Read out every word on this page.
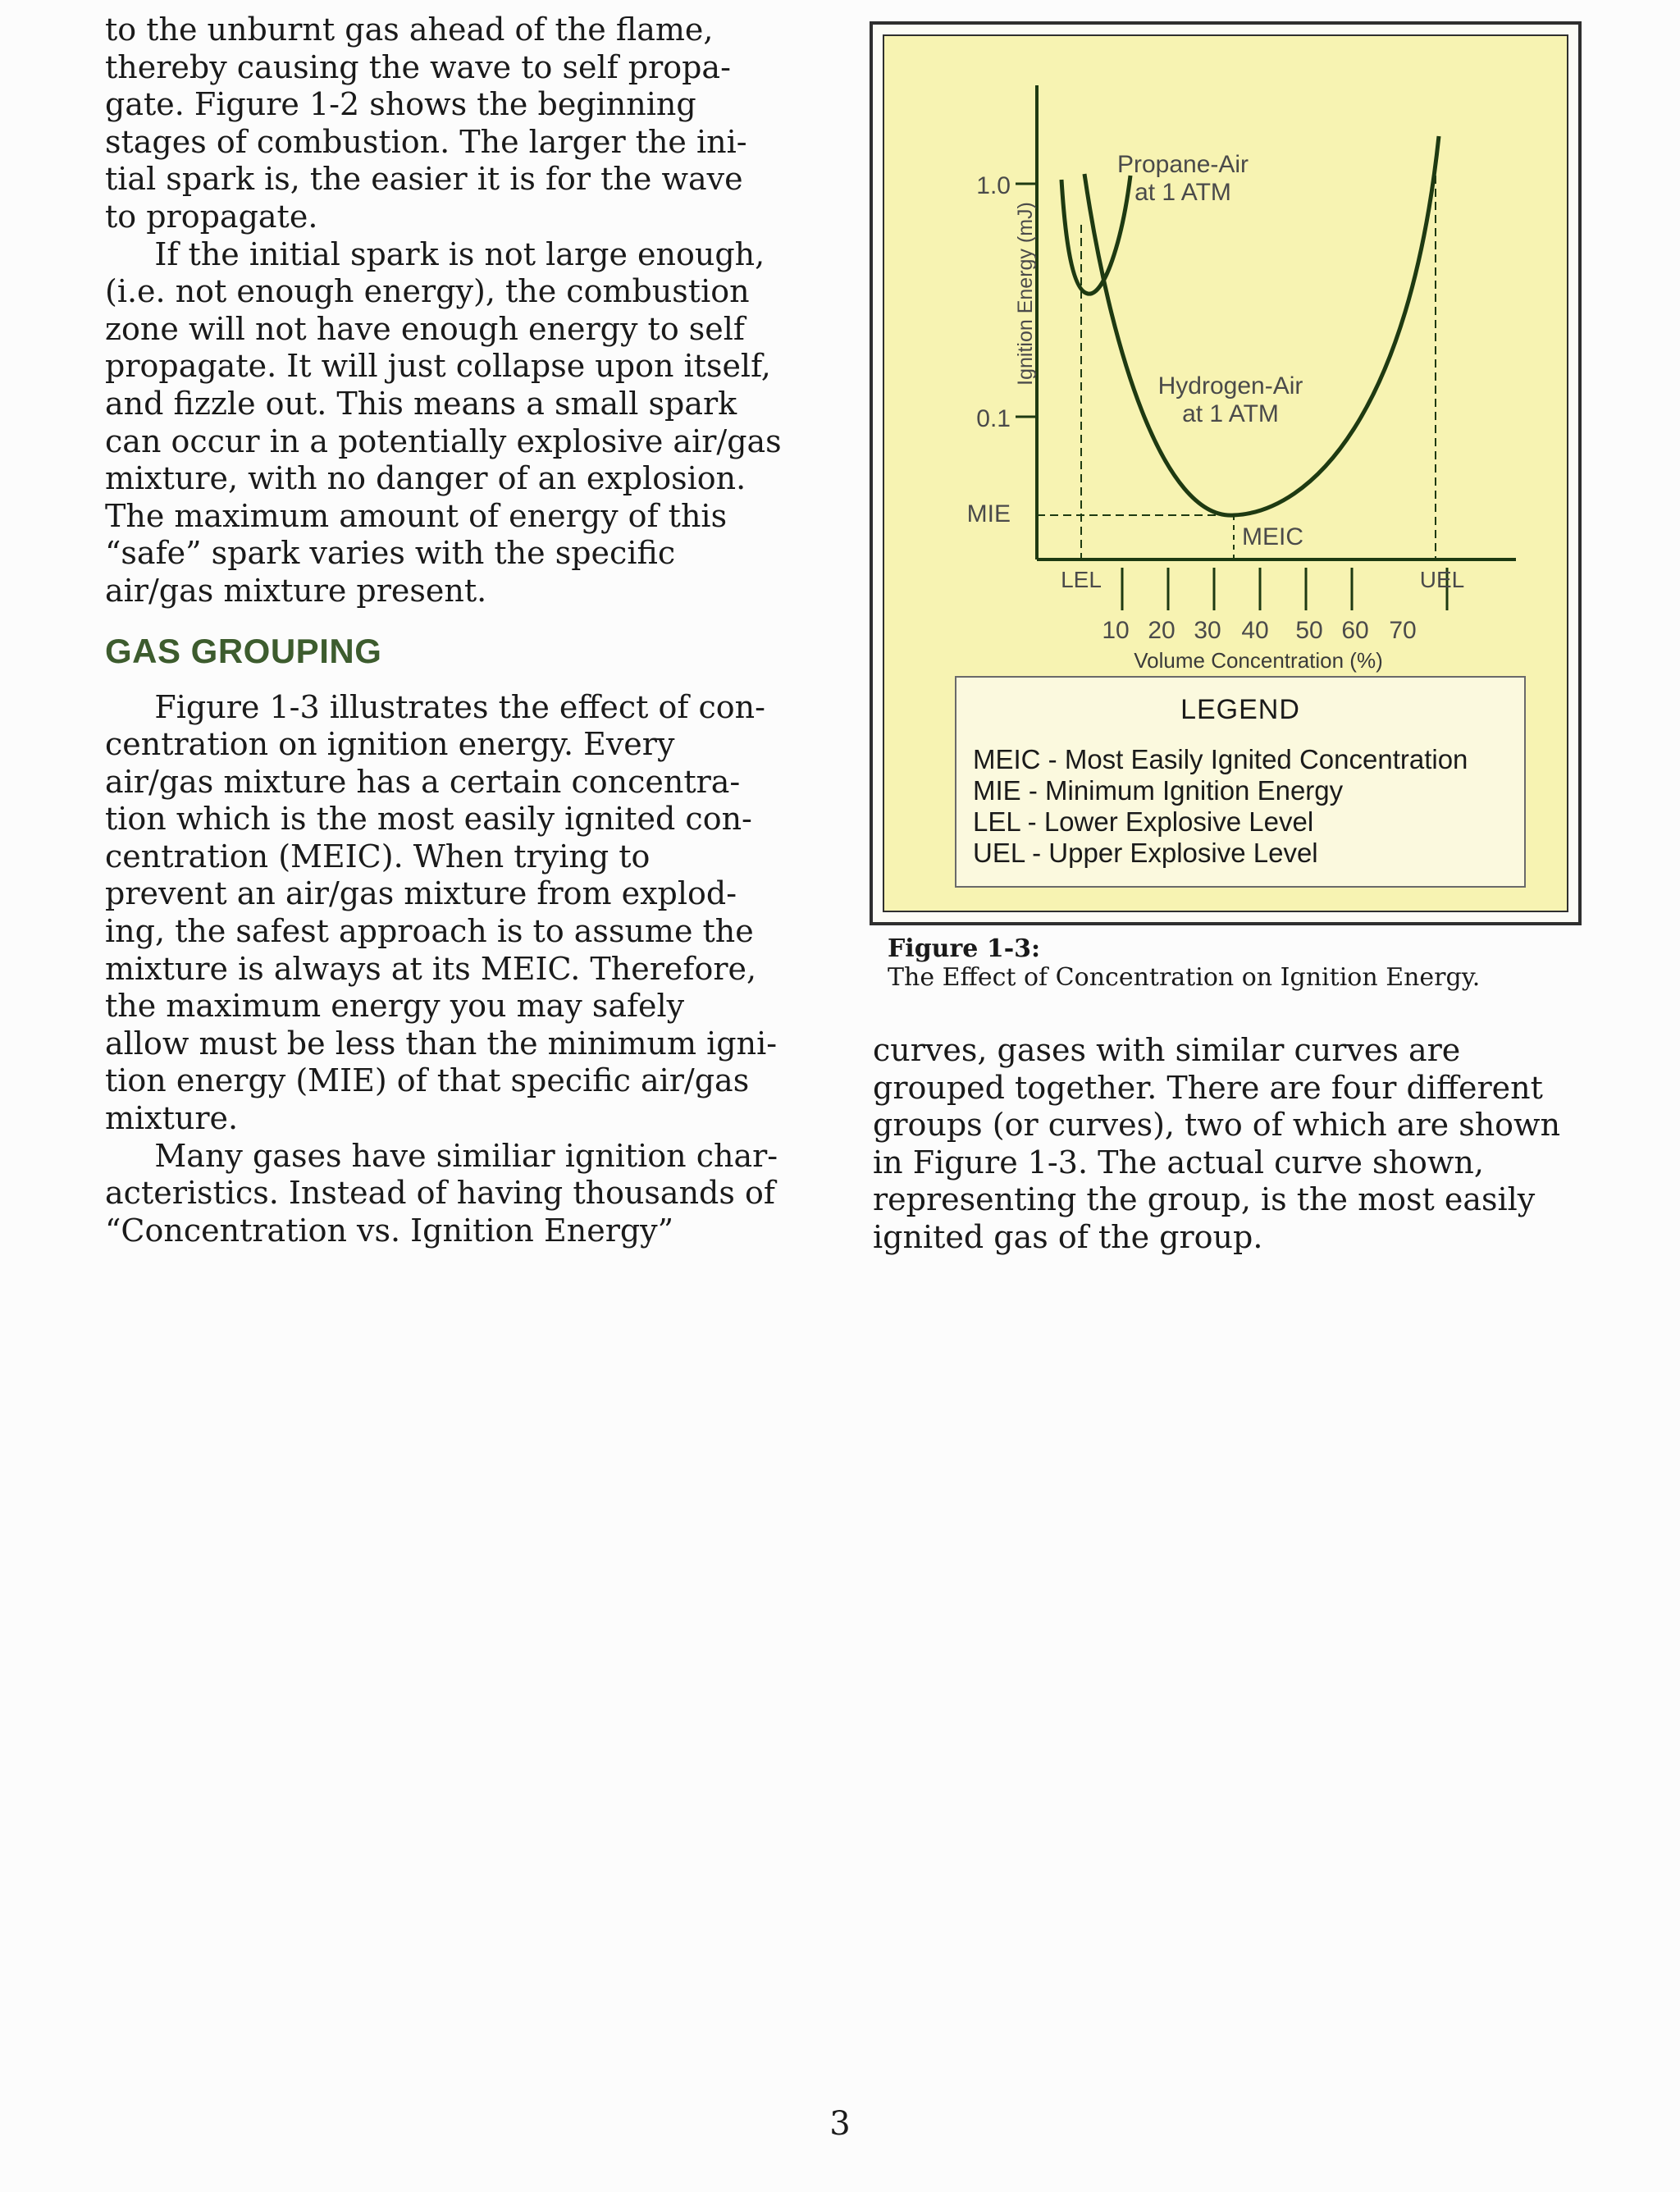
to the unburnt gas ahead of the flame,
thereby causing the wave to self propa-
gate. Figure 1-2 shows the beginning
stages of combustion. The larger the ini-
tial spark is, the easier it is for the wave
to propagate.
If the initial spark is not large enough,
(i.e. not enough energy), the combustion
zone will not have enough energy to self
propagate. It will just collapse upon itself,
and fizzle out. This means a small spark
can occur in a potentially explosive air/gas
mixture, with no danger of an explosion.
The maximum amount of energy of this
“safe” spark varies with the specific
air/gas mixture present.
GAS GROUPING
Figure 1-3 illustrates the effect of con-
centration on ignition energy. Every
air/gas mixture has a certain concentra-
tion which is the most easily ignited con-
centration (MEIC). When trying to
prevent an air/gas mixture from explod-
ing, the safest approach is to assume the
mixture is always at its MEIC. Therefore,
the maximum energy you may safely
allow must be less than the minimum igni-
tion energy (MIE) of that specific air/gas
mixture.
Many gases have similiar ignition char-
acteristics. Instead of having thousands of
“Concentration vs. Ignition Energy”
1.0
0.1
MIE
Ignition Energy (mJ)
10 20 30 40 50 60 70
Volume Concentration (%)
LEL	UEL
MEIC
Propane-Air
at 1 ATM
Hydrogen-Air
at 1 ATM
LEGEND
MEIC - Most Easily Ignited Concentration
MIE - Minimum Ignition Energy
LEL - Lower Explosive Level
UEL - Upper Explosive Level
Figure 1-3:
The Effect of Concentration on Ignition Energy.
curves, gases with similar curves are
grouped together. There are four different
groups (or curves), two of which are shown
in Figure 1-3. The actual curve shown,
representing the group, is the most easily
ignited gas of the group.
3
